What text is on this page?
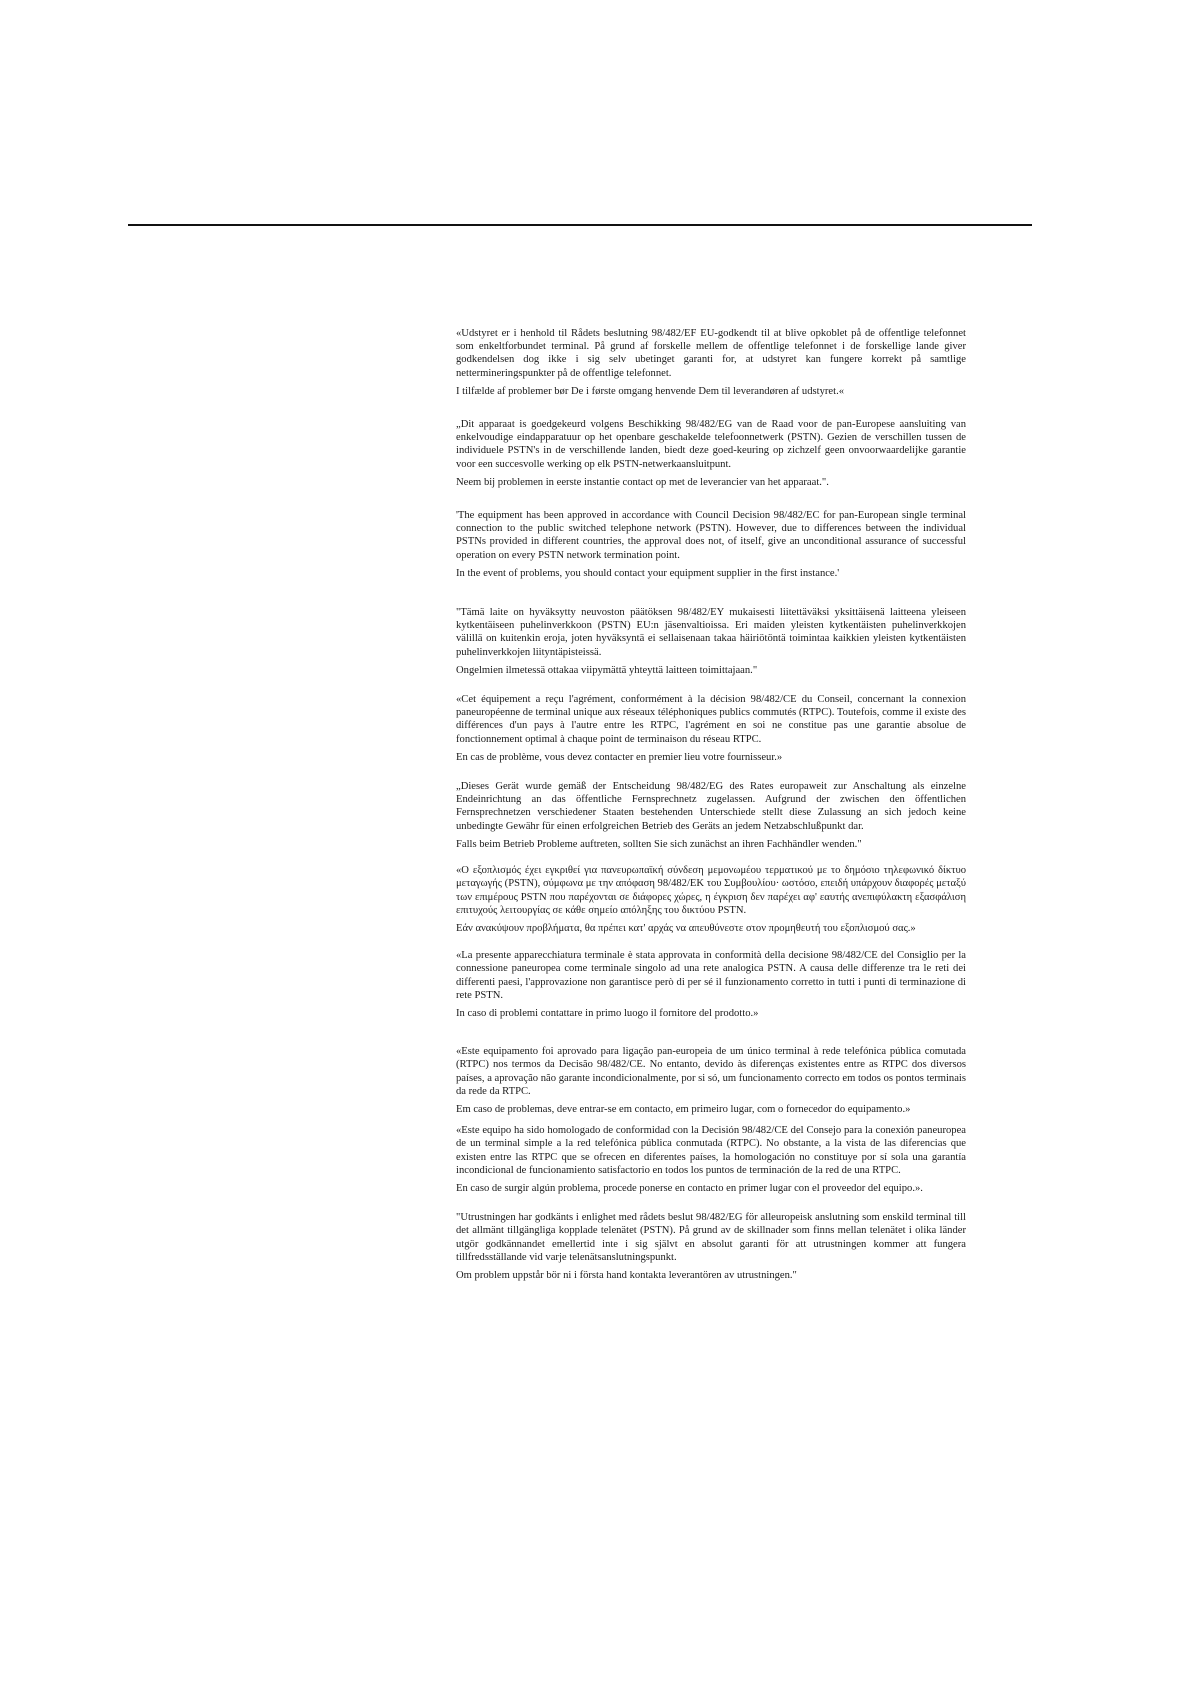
«Udstyret er i henhold til Rådets beslutning 98/482/EF EU-godkendt til at blive opkoblet på de offentlige telefonnet som enkeltforbundet terminal. På grund af forskelle mellem de offentlige telefonnet i de forskellige lande giver godkendelsen dog ikke i sig selv ubetinget garanti for, at udstyret kan fungere korrekt på samtlige nettermineringspunkter på de offentlige telefonnet.

I tilfælde af problemer bør De i første omgang henvende Dem til leverandøren af udstyret.«

„Dit apparaat is goedgekeurd volgens Beschikking 98/482/EG van de Raad voor de pan-Europese aansluiting van enkelvoudige eindapparatuur op het openbare geschakelde telefoonnetwerk (PSTN). Gezien de verschillen tussen de individuele PSTN's in de verschillende landen, biedt deze goed-keuring op zichzelf geen onvoorwaardelijke garantie voor een succesvolle werking op elk PSTN-netwerkaansluitpunt.

Neem bij problemen in eerste instantie contact op met de leverancier van het apparaat.".

'The equipment has been approved in accordance with Council Decision 98/482/EC for pan-European single terminal connection to the public switched telephone network (PSTN). However, due to differences between the individual PSTNs provided in different countries, the approval does not, of itself, give an unconditional assurance of successful operation on every PSTN network termination point.

In the event of problems, you should contact your equipment supplier in the first instance.'

"Tämä laite on hyväksytty neuvoston päätöksen 98/482/EY mukaisesti liitettäväksi yksittäisenä laitteena yleiseen kytkentäiseen puhelinverkkoon (PSTN) EU:n jäsenvaltioissa. Eri maiden yleisten kytkentäisten puhelinverkkojen välillä on kuitenkin eroja, joten hyväksyntä ei sellaisenaan takaa häiriötöntä toimintaa kaikkien yleisten kytkentäisten puhelinverkkojen liityntäpisteissä.

Ongelmien ilmetessä ottakaa viipymättä yhteyttä laitteen toimittajaan."

«Cet équipement a reçu l'agrément, conformément à la décision 98/482/CE du Conseil, concernant la connexion paneuropéenne de terminal unique aux réseaux téléphoniques publics commutés (RTPC). Toutefois, comme il existe des différences d'un pays à l'autre entre les RTPC, l'agrément en soi ne constitue pas une garantie absolue de fonctionnement optimal à chaque point de terminaison du réseau RTPC.

En cas de problème, vous devez contacter en premier lieu votre fournisseur.»

„Dieses Gerät wurde gemäß der Entscheidung 98/482/EG des Rates europaweit zur Anschaltung als einzelne Endeinrichtung an das öffentliche Fernsprechnetz zugelassen. Aufgrund der zwischen den öffentlichen Fernsprechnetzen verschiedener Staaten bestehenden Unterschiede stellt diese Zulassung an sich jedoch keine unbedingte Gewähr für einen erfolgreichen Betrieb des Geräts an jedem Netzabschlußpunkt dar.

Falls beim Betrieb Probleme auftreten, sollten Sie sich zunächst an ihren Fachhändler wenden."

«Ο εξοπλισμός έχει εγκριθεί για πανευρωπαϊκή σύνδεση μεμονωμέου τερματικού με το δημόσιο τηλεφωνικό δίκτυο μεταγωγής (PSTN), σύμφωνα με την απόφαση 98/482/ΕΚ του Συμβουλίου· ωστόσο, επειδή υπάρχουν διαφορές μεταξύ των επιμέρους PSTN που παρέχονται σε διάφορες χώρες, η έγκριση δεν παρέχει αφ' εαυτής ανεπιφύλακτη εξασφάλιση επιτυχούς λειτουργίας σε κάθε σημείο απόληξης του δικτύου PSTN.

Εάν ανακύψουν προβλήματα, θα πρέπει κατ' αρχάς να απευθύνεστε στον προμηθευτή του εξοπλισμού σας.»

«La presente apparecchiatura terminale è stata approvata in conformità della decisione 98/482/CE del Consiglio per la connessione paneuropea come terminale singolo ad una rete analogica PSTN. A causa delle differenze tra le reti dei differenti paesi, l'approvazione non garantisce però di per sé il funzionamento corretto in tutti i punti di terminazione di rete PSTN.

In caso di problemi contattare in primo luogo il fornitore del prodotto.»

«Este equipamento foi aprovado para ligação pan-europeia de um único terminal à rede telefónica pública comutada (RTPC) nos termos da Decisão 98/482/CE. No entanto, devido às diferenças existentes entre as RTPC dos diversos países, a aprovação não garante incondicionalmente, por si só, um funcionamento correcto em todos os pontos terminais da rede da RTPC.

Em caso de problemas, deve entrar-se em contacto, em primeiro lugar, com o fornecedor do equipamento.»

«Este equipo ha sido homologado de conformidad con la Decisión 98/482/CE del Consejo para la conexión paneuropea de un terminal simple a la red telefónica pública conmutada (RTPC). No obstante, a la vista de las diferencias que existen entre las RTPC que se ofrecen en diferentes países, la homologación no constituye por sí sola una garantía incondicional de funcionamiento satisfactorio en todos los puntos de terminación de la red de una RTPC.

En caso de surgir algún problema, procede ponerse en contacto en primer lugar con el proveedor del equipo.».

"Utrustningen har godkänts i enlighet med rådets beslut 98/482/EG för alleuropeisk anslutning som enskild terminal till det allmänt tillgängliga kopplade telenätet (PSTN). På grund av de skillnader som finns mellan telenätet i olika länder utgör godkännandet emellertid inte i sig självt en absolut garanti för att utrustningen kommer att fungera tillfredsställande vid varje telenätsanslutningspunkt.

Om problem uppstår bör ni i första hand kontakta leverantören av utrustningen."
